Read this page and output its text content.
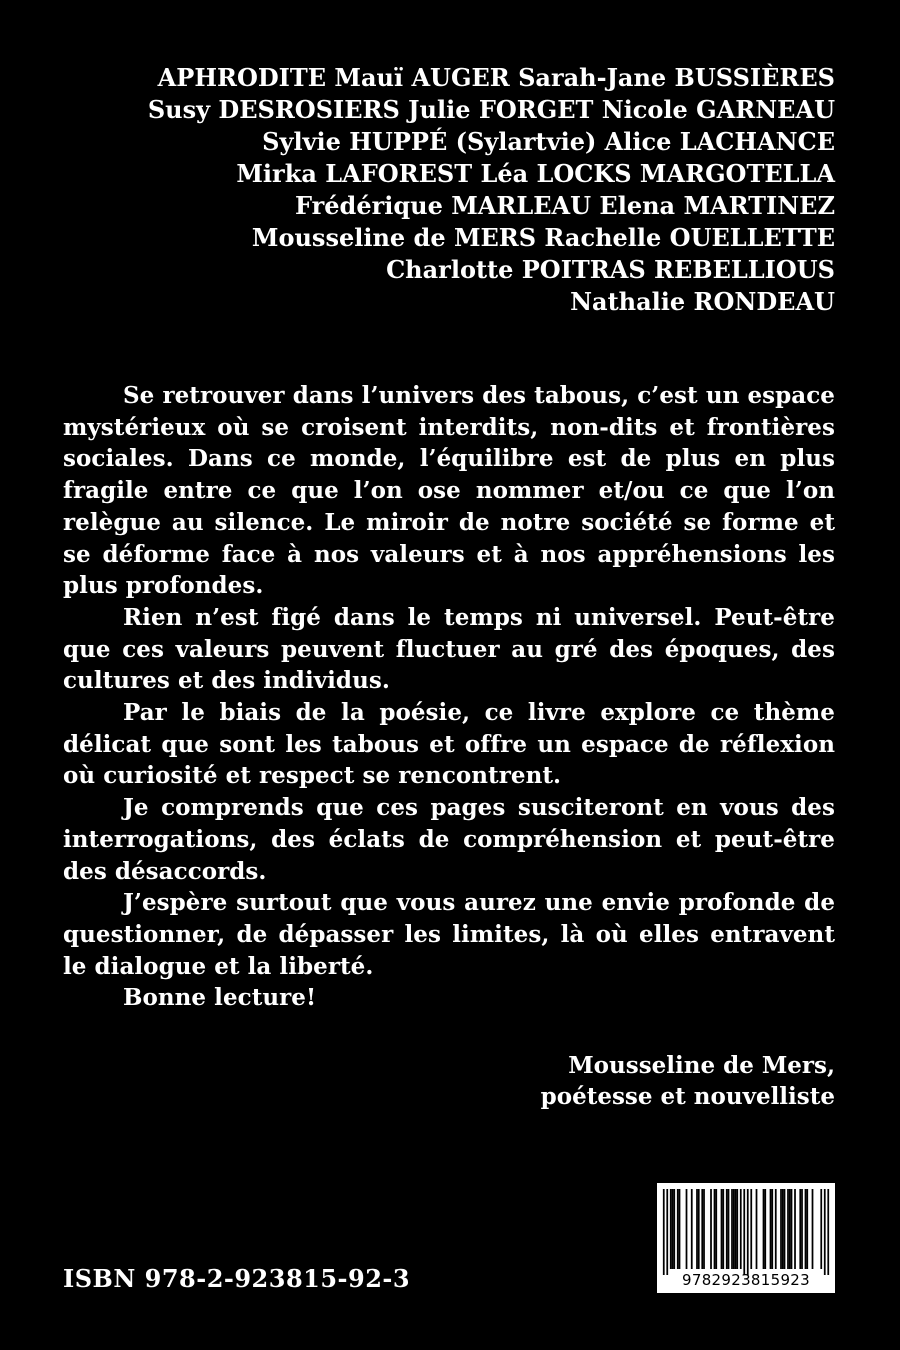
APHRODITE Mauï AUGER Sarah-Jane BUSSIÈRES
Susy DESROSIERS Julie FORGET Nicole GARNEAU
Sylvie HUPPÉ (Sylartvie) Alice LACHANCE
Mirka LAFOREST Léa LOCKS MARGOTELLA
Frédérique MARLEAU Elena MARTINEZ
Mousseline de MERS Rachelle OUELLETTE
Charlotte POITRAS REBELLIOUS
Nathalie RONDEAU

Se retrouver dans l’univers des tabous, c’est un espace mystérieux où se croisent interdits, non-dits et frontières sociales. Dans ce monde, l’équilibre est de plus en plus fragile entre ce que l’on ose nommer et/ou ce que l’on relègue au silence. Le miroir de notre société se forme et se déforme face à nos valeurs et à nos appréhensions les plus profondes.

Rien n’est figé dans le temps ni universel. Peut-être que ces valeurs peuvent fluctuer au gré des époques, des cultures et des individus.

Par le biais de la poésie, ce livre explore ce thème délicat que sont les tabous et offre un espace de réflexion où curiosité et respect se rencontrent.

Je comprends que ces pages susciteront en vous des interrogations, des éclats de compréhension et peut-être des désaccords.

J’espère surtout que vous aurez une envie profonde de questionner, de dépasser les limites, là où elles entravent le dialogue et la liberté.

Bonne lecture!

Mousseline de Mers,
poétesse et nouvelliste
ISBN 978-2-923815-92-3	9782923815923
